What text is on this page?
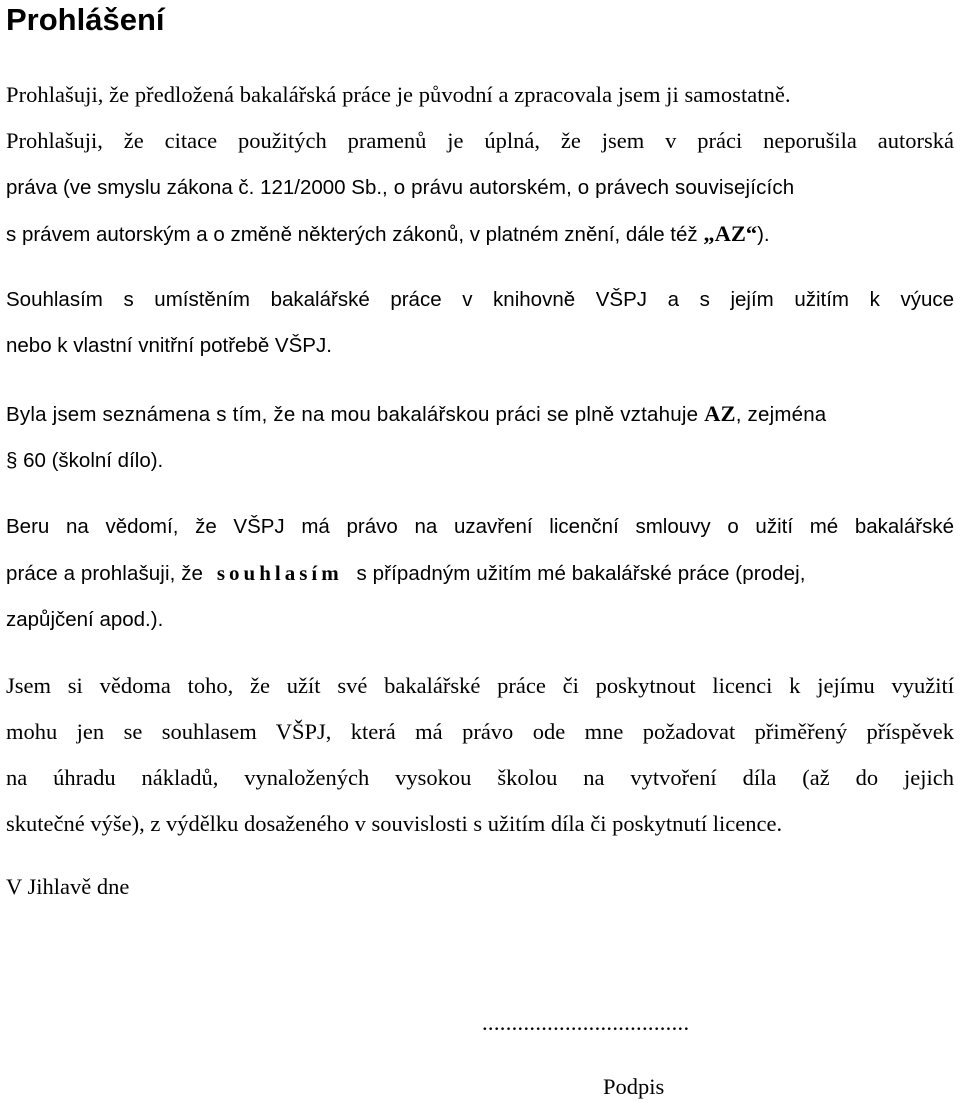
Prohlášení
Prohlašuji, že předložená bakalářská práce je původní a zpracovala jsem ji samostatně.
Prohlašuji, že citace použitých pramenů je úplná, že jsem v práci neporušila autorská
práva (ve smyslu zákona č. 121/2000 Sb., o právu autorském, o právech souvisejících
s právem autorským a o změně některých zákonů, v platném znění, dále též „AZ“).
Souhlasím s umístěním bakalářské práce v knihovně VŠPJ a s jejím užitím k výuce
nebo k vlastní vnitřní potřebě VŠPJ.
Byla jsem seznámena s tím, že na mou bakalářskou práci se plně vztahuje AZ, zejména
§ 60 (školní dílo).
Beru na vědomí, že VŠPJ má právo na uzavření licenční smlouvy o užití mé bakalářské
práce a prohlašuji, že souhlasím s případným užitím mé bakalářské práce (prodej,
zapůjčení apod.).
Jsem si vědoma toho, že užít své bakalářské práce či poskytnout licenci k jejímu využití
mohu jen se souhlasem VŠPJ, která má právo ode mne požadovat přiměřený příspěvek
na úhradu nákladů, vynaložených vysokou školou na vytvoření díla (až do jejich
skutečné výše), z výdělku dosaženého v souvislosti s užitím díla či poskytnutí licence.
V Jihlavě dne
...................................
Podpis
